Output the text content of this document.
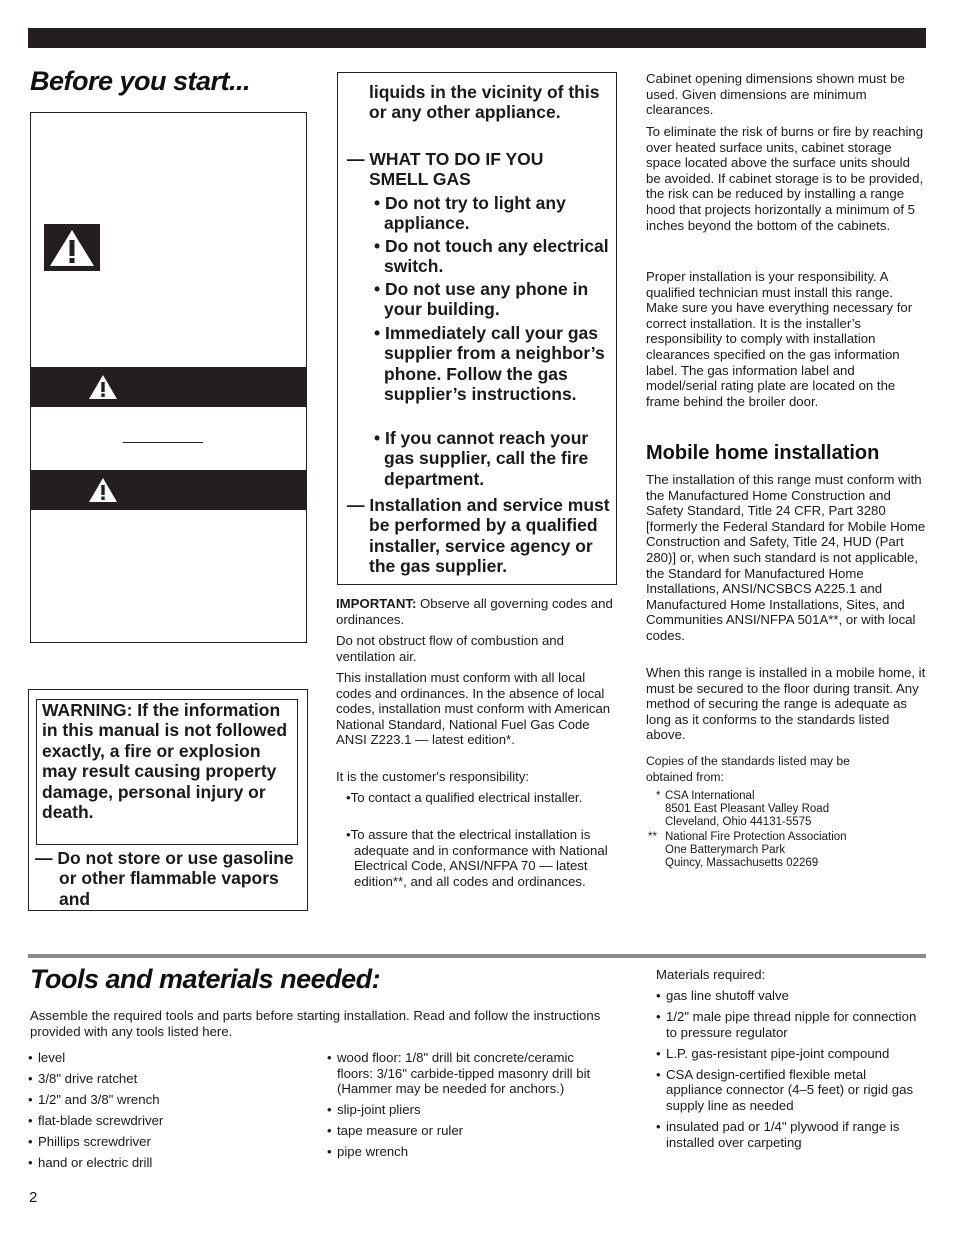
Before you start...

WARNING: If the information in this manual is not followed exactly, a fire or explosion may result causing property damage, personal injury or death.

— Do not store or use gasoline or other flammable vapors and

liquids in the vicinity of this or any other appliance.

— WHAT TO DO IF YOU SMELL GAS

• Do not try to light any appliance.

• Do not touch any electrical switch.

• Do not use any phone in your building.

• Immediately call your gas supplier from a neighbor’s phone. Follow the gas supplier’s instructions.

• If you cannot reach your gas supplier, call the fire department.

— Installation and service must be performed by a qualified installer, service agency or the gas supplier.

IMPORTANT: Observe all governing codes and ordinances.

Do not obstruct flow of combustion and ventilation air.

This installation must conform with all local codes and ordinances. In the absence of local codes, installation must conform with American National Standard, National Fuel Gas Code ANSI Z223.1 — latest edition*.

It is the customer's responsibility:

•To contact a qualified electrical installer.

•To assure that the electrical installation is adequate and in conformance with National Electrical Code, ANSI/NFPA 70 — latest edition**, and all codes and ordinances.

Cabinet opening dimensions shown must be used. Given dimensions are minimum clearances.

To eliminate the risk of burns or fire by reaching over heated surface units, cabinet storage space located above the surface units should be avoided. If cabinet storage is to be provided, the risk can be reduced by installing a range hood that projects horizontally a minimum of 5 inches beyond the bottom of the cabinets.

Proper installation is your responsibility. A qualified technician must install this range. Make sure you have everything necessary for correct installation. It is the installer’s responsibility to comply with installation clearances specified on the gas information label. The gas information label and model/serial rating plate are located on the frame behind the broiler door.

Mobile home installation

The installation of this range must conform with the Manufactured Home Construction and Safety Standard, Title 24 CFR, Part 3280 [formerly the Federal Standard for Mobile Home Construction and Safety, Title 24, HUD (Part 280)] or, when such standard is not applicable, the Standard for Manufactured Home Installations, ANSI/NCSBCS A225.1 and Manufactured Home Installations, Sites, and Communities ANSI/NFPA 501A**, or with local codes.

When this range is installed in a mobile home, it must be secured to the floor during transit. Any method of securing the range is adequate as long as it conforms to the standards listed above.

Copies of the standards listed may be obtained from:

* CSA International
8501 East Pleasant Valley Road
Cleveland, Ohio 44131-5575
** National Fire Protection Association
One Batterymarch Park
Quincy, Massachusetts 02269
Tools and materials needed:

Assemble the required tools and parts before starting installation. Read and follow the instructions provided with any tools listed here.

• level
• 3/8" drive ratchet
• 1/2" and 3/8" wrench
• flat-blade screwdriver
• Phillips screwdriver
• hand or electric drill
• wood floor: 1/8" drill bit concrete/ceramic floors: 3/16" carbide-tipped masonry drill bit (Hammer may be needed for anchors.)
• slip-joint pliers
• tape measure or ruler
• pipe wrench

Materials required:

• gas line shutoff valve
• 1/2" male pipe thread nipple for connection to pressure regulator
• L.P. gas-resistant pipe-joint compound
• CSA design-certified flexible metal appliance connector (4–5 feet) or rigid gas supply line as needed
• insulated pad or 1/4" plywood if range is installed over carpeting
2
